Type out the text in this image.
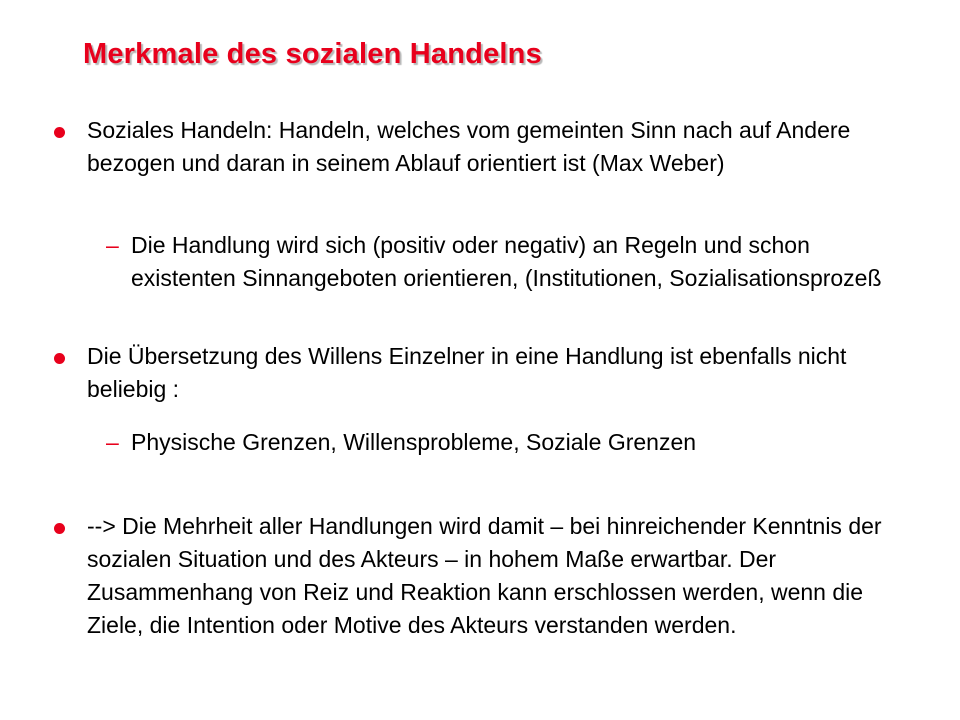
Merkmale des sozialen Handelns

Soziales Handeln: Handeln, welches vom gemeinten Sinn nach auf Andere bezogen und daran in seinem Ablauf orientiert ist (Max Weber)

– Die Handlung wird sich (positiv oder negativ) an Regeln und schon existenten Sinnangeboten orientieren, (Institutionen, Sozialisationsprozeß

Die Übersetzung des Willens Einzelner in eine Handlung ist ebenfalls nicht beliebig :

– Physische Grenzen, Willensprobleme, Soziale Grenzen

--> Die Mehrheit aller Handlungen wird damit – bei hinreichender Kenntnis der sozialen Situation und des Akteurs – in hohem Maße erwartbar. Der Zusammenhang von Reiz und Reaktion kann erschlossen werden, wenn die Ziele, die Intention oder Motive des Akteurs verstanden werden.
